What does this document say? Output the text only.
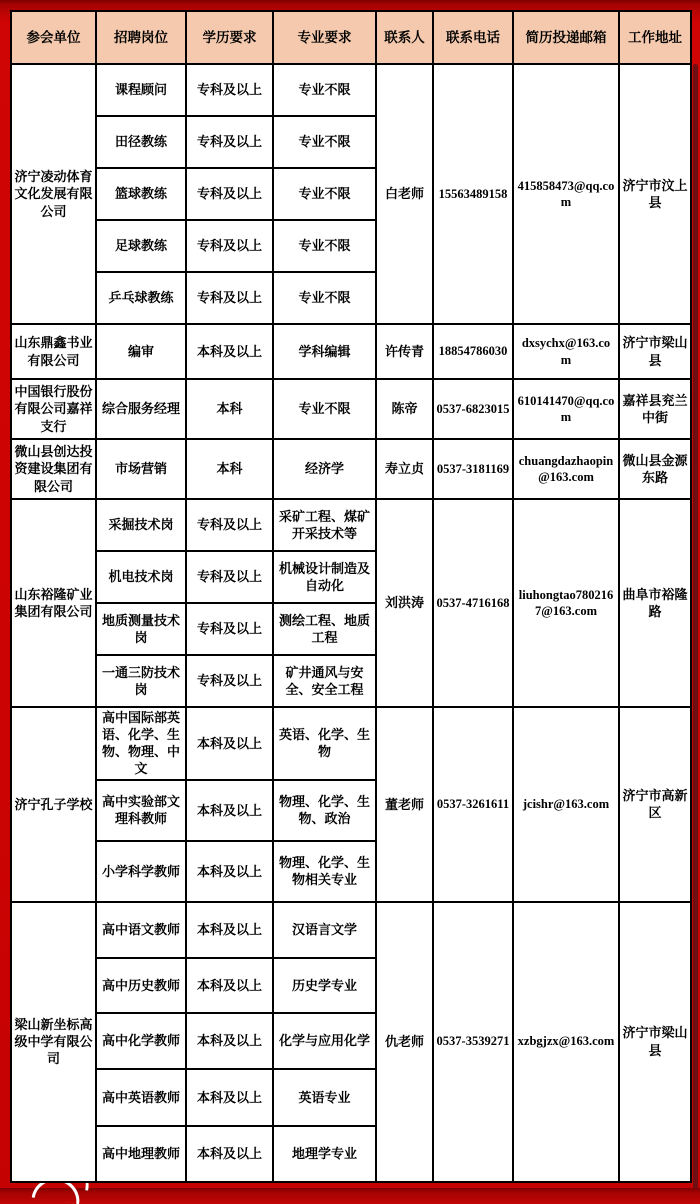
参会单位	招聘岗位	学历要求	专业要求	联系人	联系电话	简历投递邮箱	工作地址
济宁凌动体育文化发展有限公司	课程顾问	专科及以上	专业不限	白老师	15563489158	415858473@qq.com	济宁市汶上县
	田径教练	专科及以上	专业不限				
	篮球教练	专科及以上	专业不限				
	足球教练	专科及以上	专业不限				
	乒乓球教练	专科及以上	专业不限				
山东鼎鑫书业有限公司	编审	本科及以上	学科编辑	许传青	18854786030	dxsychx@163.com	济宁市梁山县
中国银行股份有限公司嘉祥支行	综合服务经理	本科	专业不限	陈帝	0537-6823015	610141470@qq.com	嘉祥县兖兰中街
微山县创达投资建设集团有限公司	市场营销	本科	经济学	寿立贞	0537-3181169	chuangdazhaopin@163.com	微山县金源东路
山东裕隆矿业集团有限公司	采掘技术岗	专科及以上	采矿工程、煤矿开采技术等	刘洪涛	0537-4716168	liuhongtao7802167@163.com	曲阜市裕隆路
	机电技术岗	专科及以上	机械设计制造及自动化				
	地质测量技术岗	专科及以上	测绘工程、地质工程				
	一通三防技术岗	专科及以上	矿井通风与安全、安全工程				
济宁孔子学校	高中国际部英语、化学、生物、物理、中文	本科及以上	英语、化学、生物	董老师	0537-3261611	jcishr@163.com	济宁市高新区
	高中实验部文理科教师	本科及以上	物理、化学、生物、政治				
	小学科学教师	本科及以上	物理、化学、生物相关专业				
梁山新坐标高级中学有限公司	高中语文教师	本科及以上	汉语言文学	仇老师	0537-3539271	xzbgjzx@163.com	济宁市梁山县
	高中历史教师	本科及以上	历史学专业				
	高中化学教师	本科及以上	化学与应用化学				
	高中英语教师	本科及以上	英语专业				
	高中地理教师	本科及以上	地理学专业				
